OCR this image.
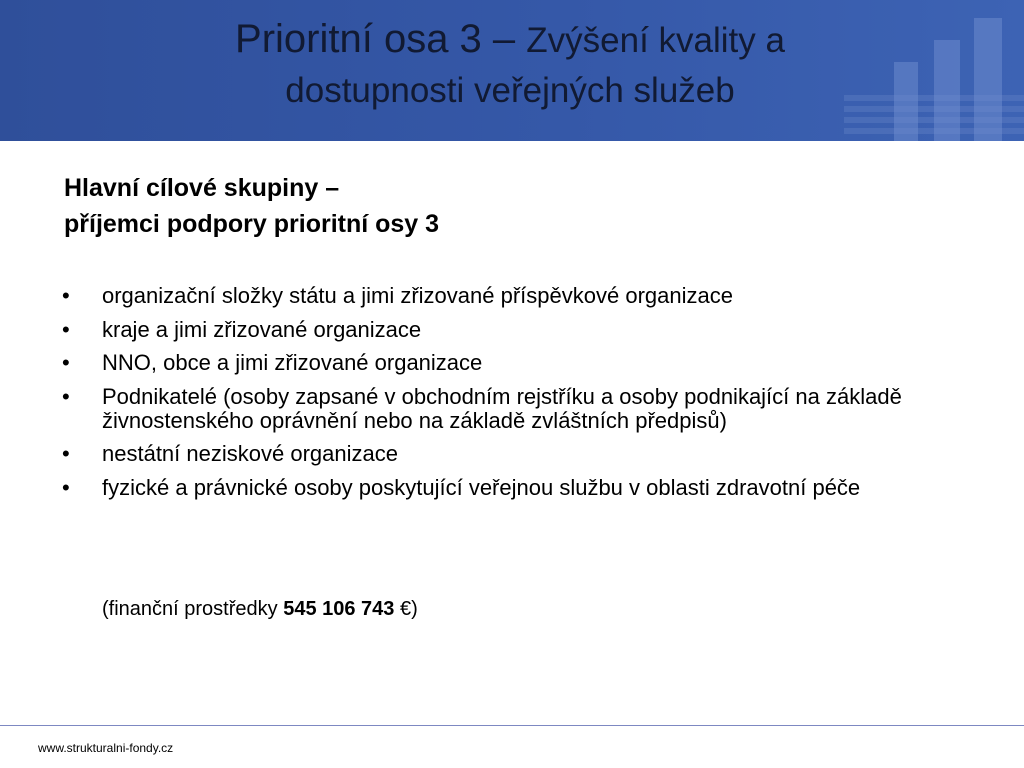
Prioritní osa 3 – Zvýšení kvality a
dostupnosti veřejných služeb
Hlavní cílové skupiny –
příjemci podpory prioritní osy 3
• organizační složky státu a jimi zřizované příspěvkové organizace
• kraje a jimi zřizované organizace
• NNO, obce a jimi zřizované organizace
• Podnikatelé (osoby zapsané v obchodním rejstříku a osoby podnikající na základě živnostenského oprávnění nebo na základě zvláštních předpisů)
• nestátní neziskové organizace
• fyzické a právnické osoby poskytující veřejnou službu v oblasti zdravotní péče
(finanční prostředky 545 106 743 €)
www.strukturalni-fondy.cz
